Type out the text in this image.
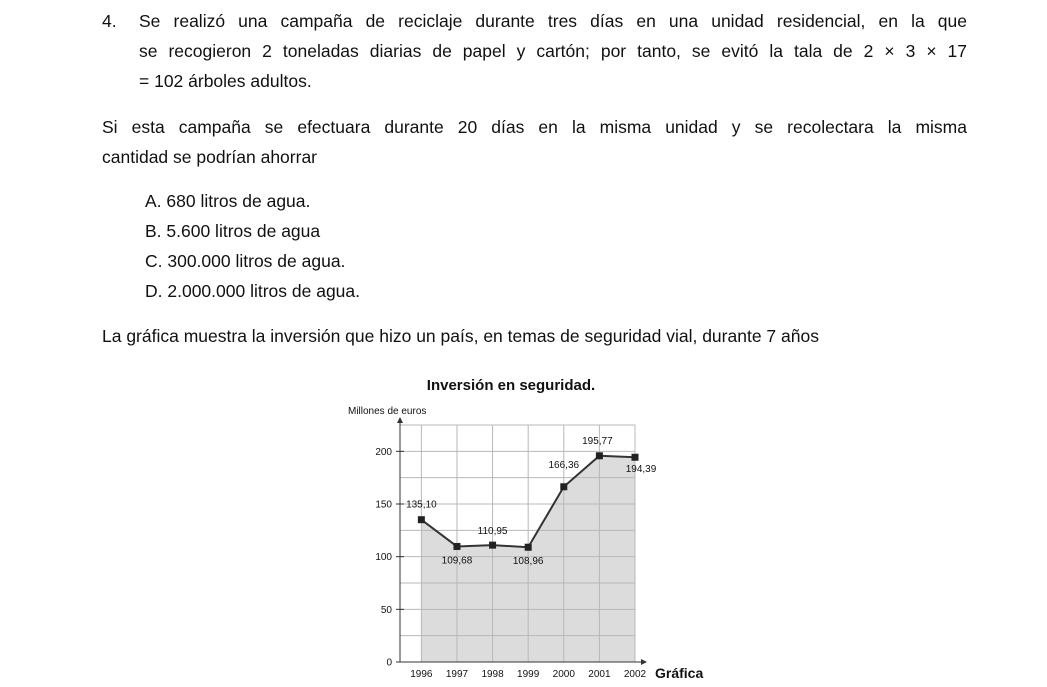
4. Se realizó una campaña de reciclaje durante tres días en una unidad residencial, en la que
se recogieron 2 toneladas diarias de papel y cartón; por tanto, se evitó la tala de 2 × 3 × 17
= 102 árboles adultos.
Si esta campaña se efectuara durante 20 días en la misma unidad y se recolectara la misma
cantidad se podrían ahorrar
A. 680 litros de agua.
B. 5.600 litros de agua
C. 300.000 litros de agua.
D. 2.000.000 litros de agua.
La gráfica muestra la inversión que hizo un país, en temas de seguridad vial, durante 7 años
Inversión en seguridad.
Millones de euros
0
50
100
150
200
1996 1997 1998 1999 2000 2001 2002
135,10
109,68
110,95
108,96
166,36
195,77
194,39
Gráfica
